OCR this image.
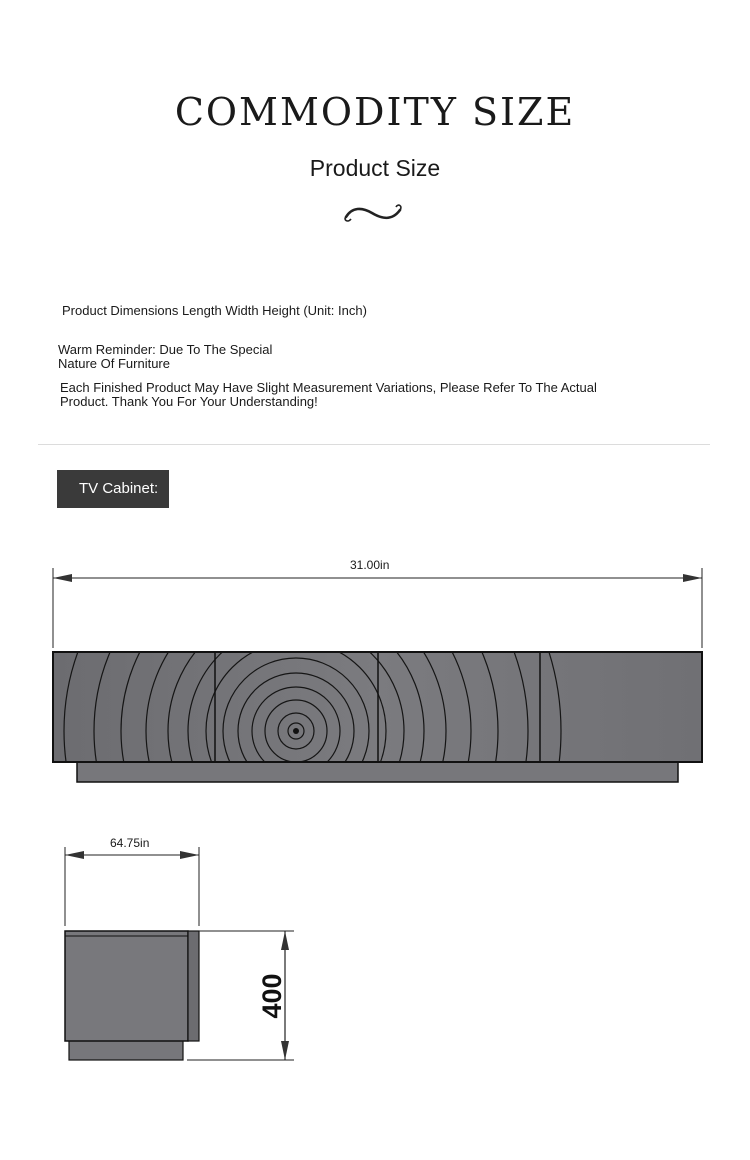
COMMODITY SIZE
Product Size
Product Dimensions Length Width Height (Unit: Inch)
Warm Reminder: Due To The Special
Nature Of Furniture
Each Finished Product May Have Slight Measurement Variations, Please Refer To The Actual
Product. Thank You For Your Understanding!
TV Cabinet:
400
31.00in
64.75in
